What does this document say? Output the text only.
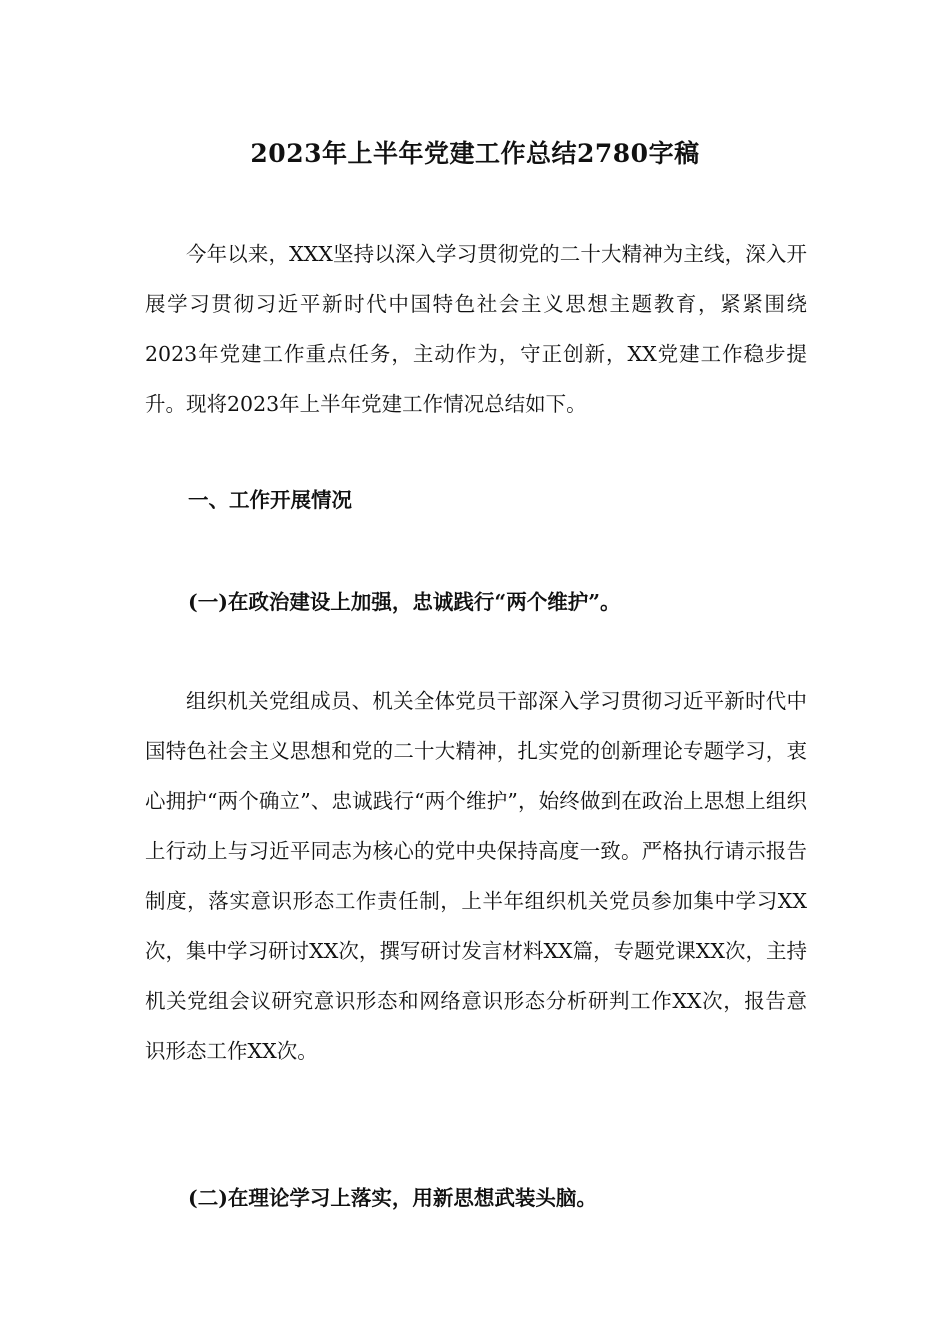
2023年上半年党建工作总结2780字稿

今年以来，XXX坚持以深入学习贯彻党的二十大精神为主线，深入开展学习贯彻习近平新时代中国特色社会主义思想主题教育，紧紧围绕2023年党建工作重点任务，主动作为，守正创新，XX党建工作稳步提升。现将2023年上半年党建工作情况总结如下。

一、工作开展情况
(一)在政治建设上加强，忠诚践行“两个维护”。

组织机关党组成员、机关全体党员干部深入学习贯彻习近平新时代中国特色社会主义思想和党的二十大精神，扎实党的创新理论专题学习，衷心拥护“两个确立”、忠诚践行“两个维护”，始终做到在政治上思想上组织上行动上与习近平同志为核心的党中央保持高度一致。严格执行请示报告制度，落实意识形态工作责任制，上半年组织机关党员参加集中学习XX次，集中学习研讨XX次，撰写研讨发言材料XX篇，专题党课XX次，主持机关党组会议研究意识形态和网络意识形态分析研判工作XX次，报告意识形态工作XX次。

(二)在理论学习上落实，用新思想武装头脑。
